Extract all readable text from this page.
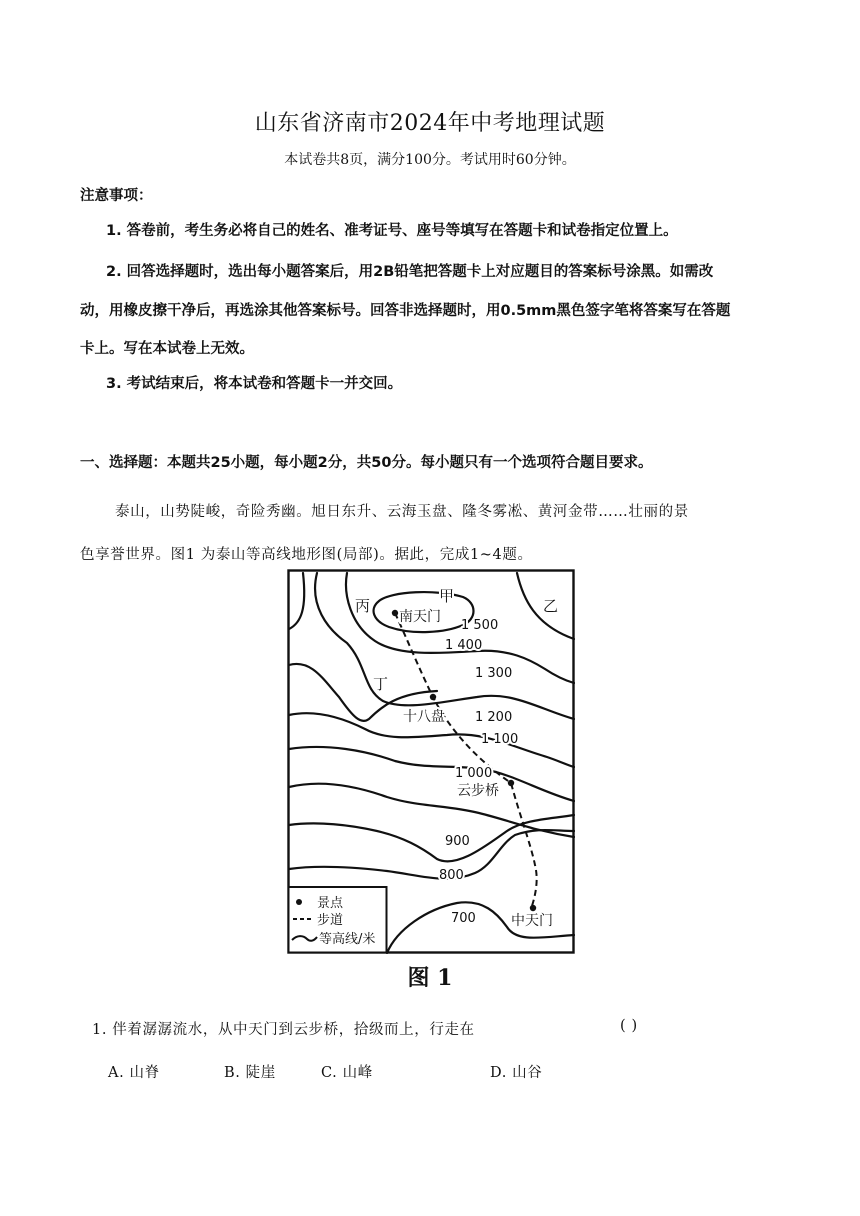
山东省济南市2024年中考地理试题
本试卷共8页，满分100分。考试用时60分钟。
注意事项：
1. 答卷前，考生务必将自己的姓名、准考证号、座号等填写在答题卡和试卷指定位置上。
2. 回答选择题时，选出每小题答案后，用2B铅笔把答题卡上对应题目的答案标号涂黑。如需改
动，用橡皮擦干净后，再选涂其他答案标号。回答非选择题时，用0.5mm黑色签字笔将答案写在答题
卡上。写在本试卷上无效。
3. 考试结束后，将本试卷和答题卡一并交回。
一、选择题：本题共25小题，每小题2分，共50分。每小题只有一个选项符合题目要求。
泰山，山势陡峻，奇险秀幽。旭日东升、云海玉盘、隆冬雾凇、黄河金带……壮丽的景
色享誉世界。图1 为泰山等高线地形图(局部)。据此，完成1~4题。
丙
甲
乙
丁
南天门
十八盘
云步桥
中天门
1 500
1 400
1 300
1 200
1 100
1 000
900
800
700
景点
步道
等高线/米
图 1
1. 伴着潺潺流水，从中天门到云步桥，拾级而上，行走在	( )
A. 山脊	B. 陡崖	C. 山峰	D. 山谷
